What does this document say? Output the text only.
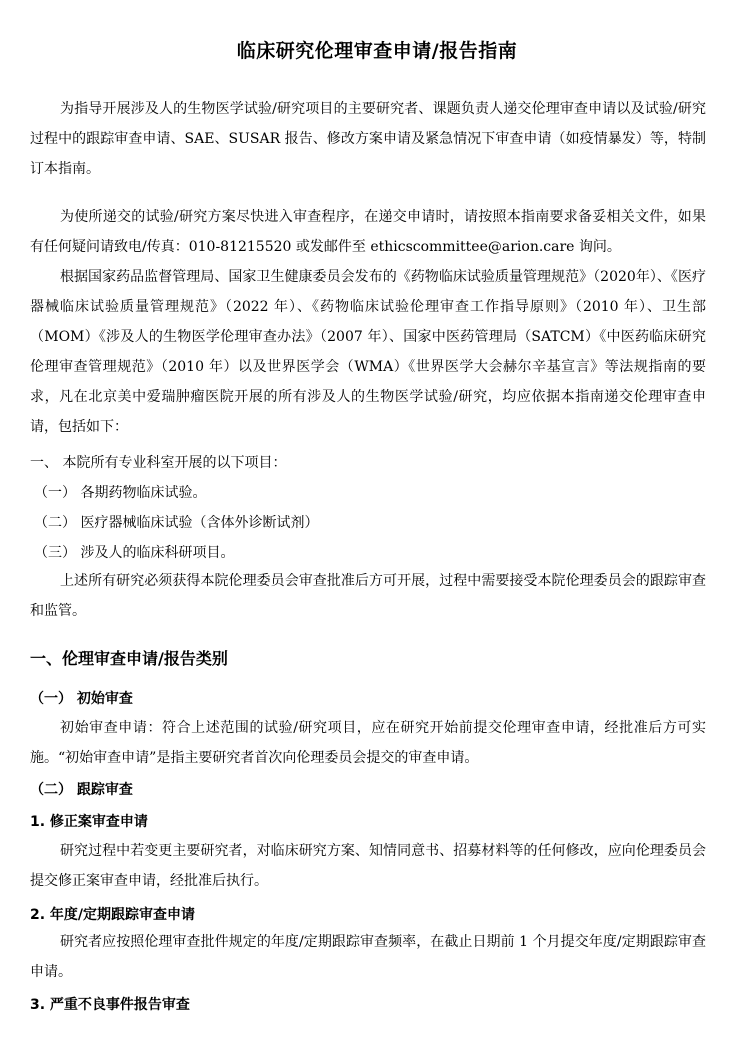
临床研究伦理审查申请/报告指南

为指导开展涉及人的生物医学试验/研究项目的主要研究者、课题负责人递交伦理审查申请以及试验/研究过程中的跟踪审查申请、SAE、SUSAR 报告、修改方案申请及紧急情况下审查申请（如疫情暴发）等，特制订本指南。

为使所递交的试验/研究方案尽快进入审查程序，在递交申请时，请按照本指南要求备妥相关文件，如果有任何疑问请致电/传真：010-81215520 或发邮件至 ethicscommittee@arion.care 询问。

根据国家药品监督管理局、国家卫生健康委员会发布的《药物临床试验质量管理规范》（2020年）、《医疗器械临床试验质量管理规范》（2022 年）、《药物临床试验伦理审查工作指导原则》（2010 年）、卫生部（MOM）《涉及人的生物医学伦理审查办法》（2007 年）、国家中医药管理局（SATCM）《中医药临床研究伦理审查管理规范》（2010 年）以及世界医学会（WMA）《世界医学大会赫尔辛基宣言》等法规指南的要求，凡在北京美中爱瑞肿瘤医院开展的所有涉及人的生物医学试验/研究，均应依据本指南递交伦理审查申请，包括如下：

一、 本院所有专业科室开展的以下项目：
（一） 各期药物临床试验。
（二） 医疗器械临床试验（含体外诊断试剂）
（三） 涉及人的临床科研项目。

上述所有研究必须获得本院伦理委员会审查批准后方可开展，过程中需要接受本院伦理委员会的跟踪审查和监管。

一、伦理审查申请/报告类别
（一） 初始审查

初始审查申请：符合上述范围的试验/研究项目，应在研究开始前提交伦理审查申请，经批准后方可实施。“初始审查申请”是指主要研究者首次向伦理委员会提交的审查申请。

（二） 跟踪审查
1. 修正案审查申请

研究过程中若变更主要研究者，对临床研究方案、知情同意书、招募材料等的任何修改，应向伦理委员会提交修正案审查申请，经批准后执行。

2. 年度/定期跟踪审查申请

研究者应按照伦理审查批件规定的年度/定期跟踪审查频率，在截止日期前 1 个月提交年度/定期跟踪审查申请。

3. 严重不良事件报告审查
